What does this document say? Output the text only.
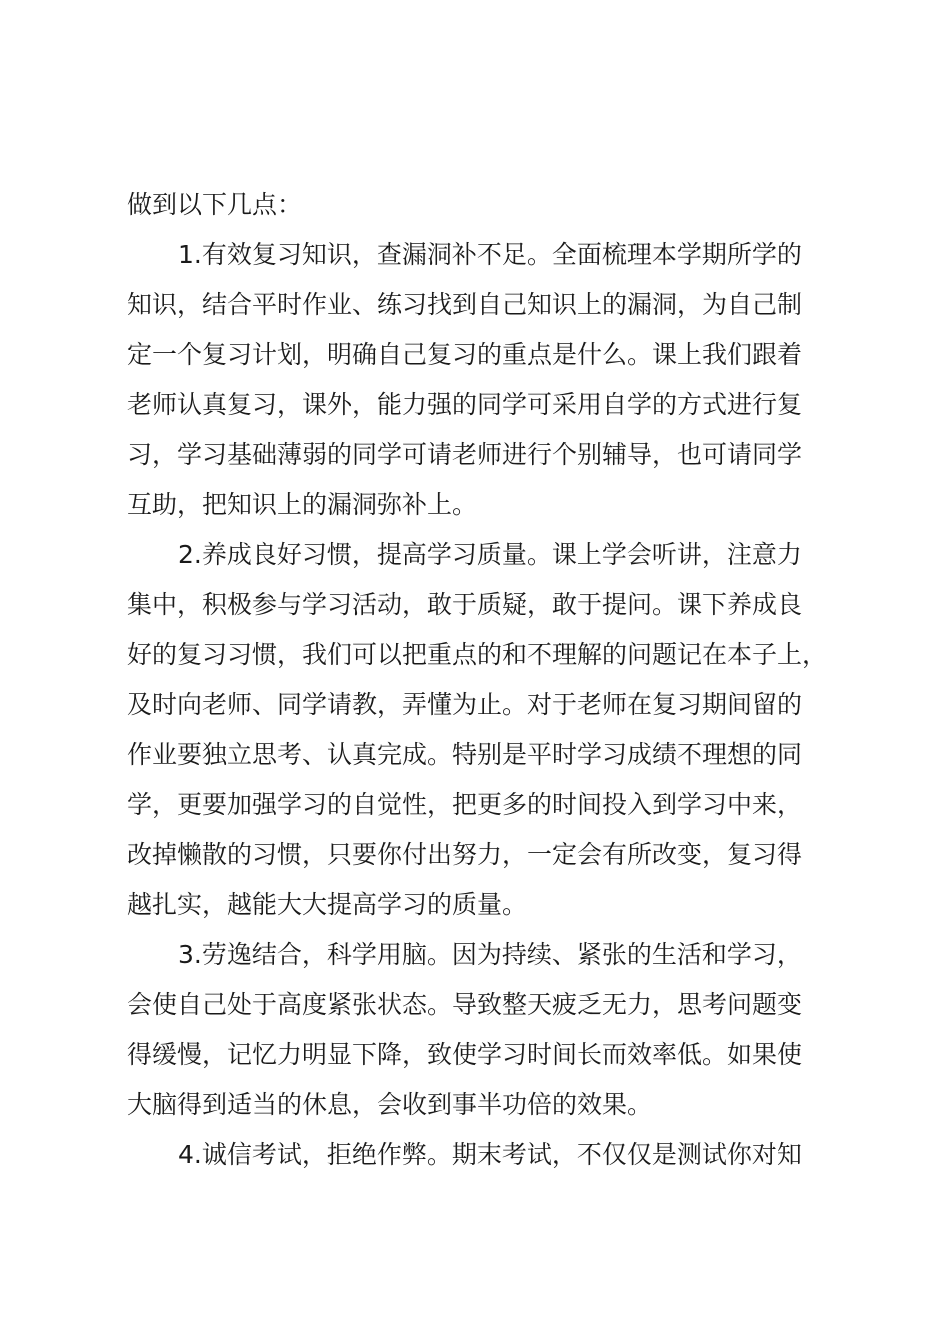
做到以下几点：
1.有效复习知识，查漏洞补不足。全面梳理本学期所学的
知识，结合平时作业、练习找到自己知识上的漏洞，为自己制
定一个复习计划，明确自己复习的重点是什么。课上我们跟着
老师认真复习，课外，能力强的同学可采用自学的方式进行复
习，学习基础薄弱的同学可请老师进行个别辅导，也可请同学
互助，把知识上的漏洞弥补上。
2.养成良好习惯，提高学习质量。课上学会听讲，注意力
集中，积极参与学习活动，敢于质疑，敢于提问。课下养成良
好的复习习惯，我们可以把重点的和不理解的问题记在本子上，
及时向老师、同学请教，弄懂为止。对于老师在复习期间留的
作业要独立思考、认真完成。特别是平时学习成绩不理想的同
学，更要加强学习的自觉性，把更多的时间投入到学习中来，
改掉懒散的习惯，只要你付出努力，一定会有所改变，复习得
越扎实，越能大大提高学习的质量。
3.劳逸结合，科学用脑。因为持续、紧张的生活和学习，
会使自己处于高度紧张状态。导致整天疲乏无力，思考问题变
得缓慢，记忆力明显下降，致使学习时间长而效率低。如果使
大脑得到适当的休息，会收到事半功倍的效果。
4.诚信考试，拒绝作弊。期末考试，不仅仅是测试你对知
